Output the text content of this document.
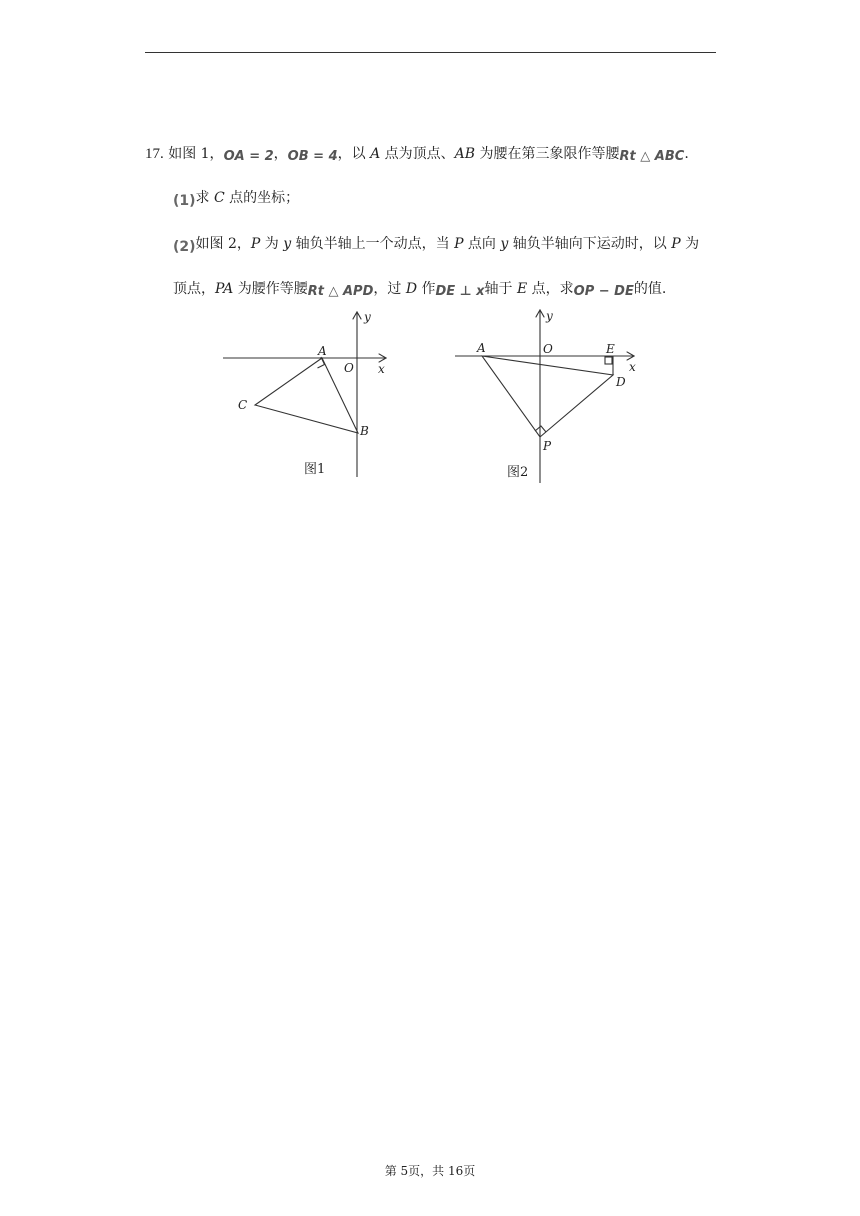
17. 如图 1，OA = 2，OB = 4，以 A 点为顶点、AB 为腰在第三象限作等腰Rt △ ABC.
(1)求 C 点的坐标；
(2)如图 2，P 为 y 轴负半轴上一个动点，当 P 点向 y 轴负半轴向下运动时，以 P 为
顶点，PA 为腰作等腰Rt △ APD，过 D 作DE ⊥ x轴于 E 点，求OP − DE的值.
A
O x
y
C
B
图1
A	O	E
x
y
D
P
图2
第 5页，共 16页
